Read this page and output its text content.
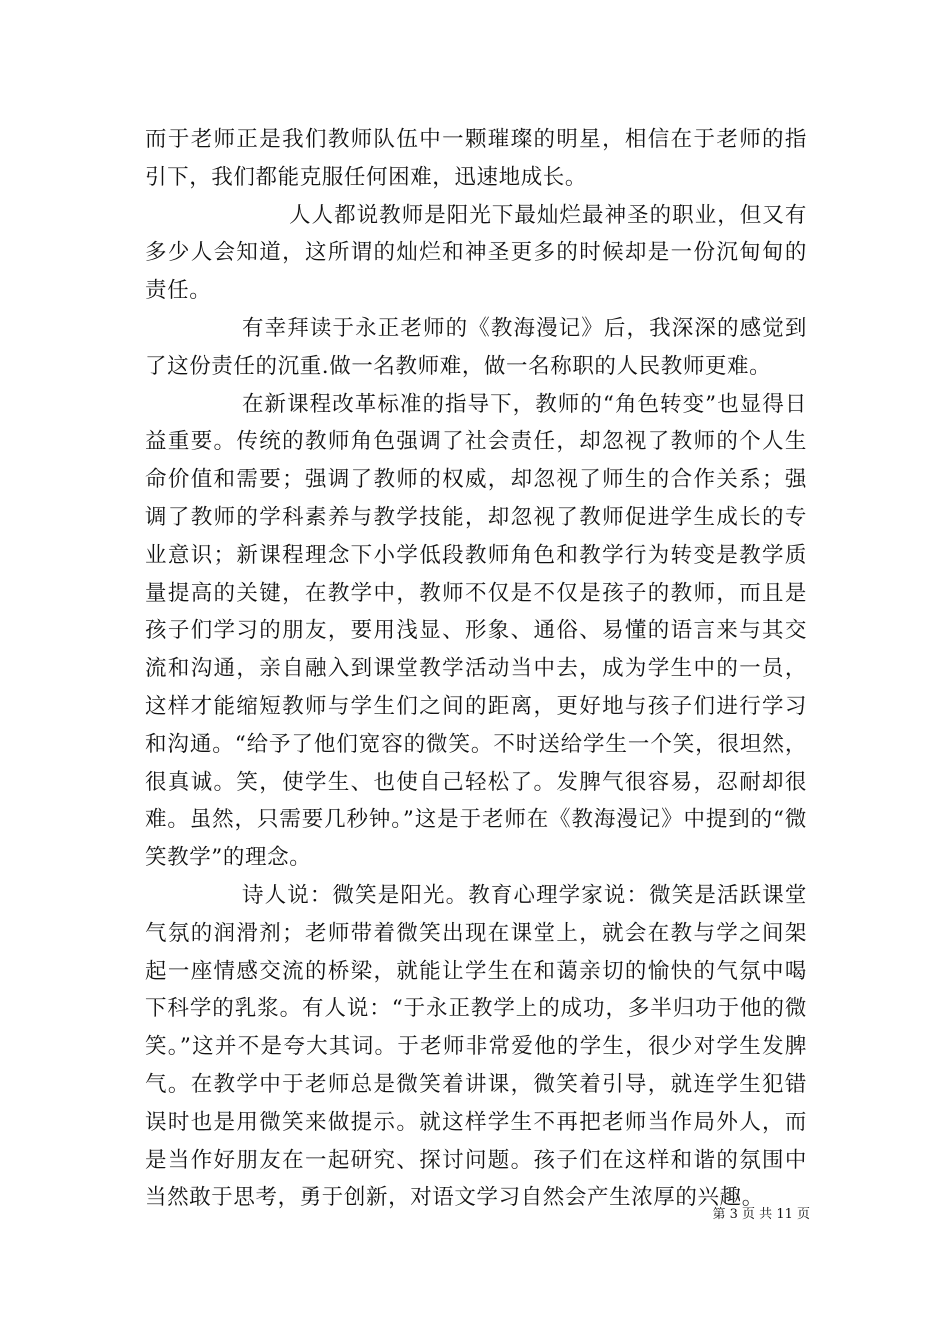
而于老师正是我们教师队伍中一颗璀璨的明星，相信在于老师的指引下，我们都能克服任何困难，迅速地成长。

人人都说教师是阳光下最灿烂最神圣的职业，但又有多少人会知道，这所谓的灿烂和神圣更多的时候却是一份沉甸甸的责任。

有幸拜读于永正老师的《教海漫记》后，我深深的感觉到了这份责任的沉重.做一名教师难，做一名称职的人民教师更难。

在新课程改革标准的指导下，教师的“角色转变”也显得日益重要。传统的教师角色强调了社会责任，却忽视了教师的个人生命价值和需要；强调了教师的权威，却忽视了师生的合作关系；强调了教师的学科素养与教学技能，却忽视了教师促进学生成长的专业意识；新课程理念下小学低段教师角色和教学行为转变是教学质量提高的关键，在教学中，教师不仅是不仅是孩子的教师，而且是孩子们学习的朋友，要用浅显、形象、通俗、易懂的语言来与其交流和沟通，亲自融入到课堂教学活动当中去，成为学生中的一员，这样才能缩短教师与学生们之间的距离，更好地与孩子们进行学习和沟通。“给予了他们宽容的微笑。不时送给学生一个笑，很坦然，很真诚。笑，使学生、也使自己轻松了。发脾气很容易，忍耐却很难。虽然，只需要几秒钟。”这是于老师在《教海漫记》中提到的“微笑教学”的理念。

诗人说：微笑是阳光。教育心理学家说：微笑是活跃课堂气氛的润滑剂；老师带着微笑出现在课堂上，就会在教与学之间架起一座情感交流的桥梁，就能让学生在和蔼亲切的愉快的气氛中喝下科学的乳浆。有人说：“于永正教学上的成功，多半归功于他的微笑。”这并不是夸大其词。于老师非常爱他的学生，很少对学生发脾气。在教学中于老师总是微笑着讲课，微笑着引导，就连学生犯错误时也是用微笑来做提示。就这样学生不再把老师当作局外人，而是当作好朋友在一起研究、探讨问题。孩子们在这样和谐的氛围中当然敢于思考，勇于创新，对语文学习自然会产生浓厚的兴趣。

第 3 页 共 11 页
